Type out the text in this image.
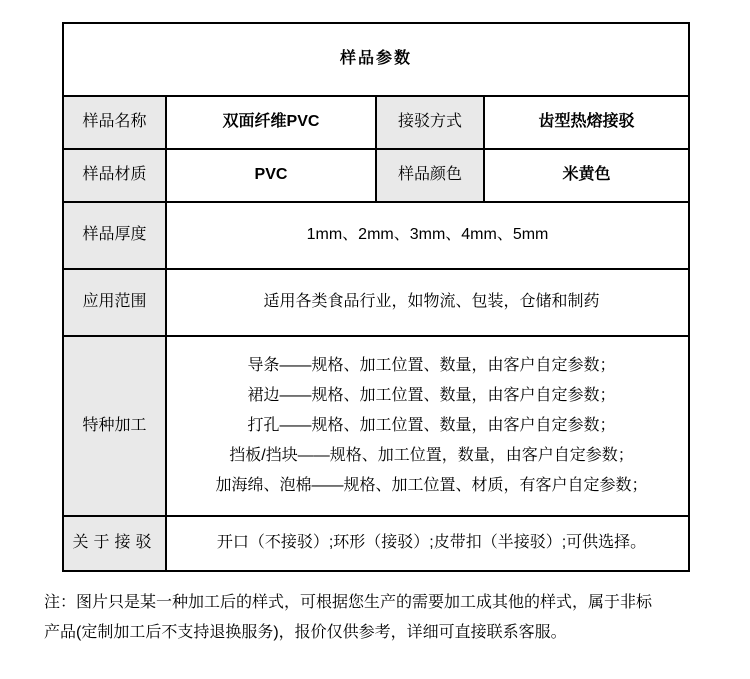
样品参数			
样品名称	双面纤维PVC	接驳方式	齿型热熔接驳
样品材质	PVC	样品颜色	米黄色
样品厚度	1mm、2mm、3mm、4mm、5mm		
应用范围	适用各类食品行业，如物流、包装，仓储和制药		
特种加工	导条——规格、加工位置、数量，由客户自定参数；
裙边——规格、加工位置、数量，由客户自定参数；
打孔——规格、加工位置、数量，由客户自定参数；
挡板/挡块——规格、加工位置，数量，由客户自定参数；
加海绵、泡棉——规格、加工位置、材质，有客户自定参数；		

关于接驳	开口（不接驳）;环形（接驳）;皮带扣（半接驳）;可供选择。		
注：图片只是某一种加工后的样式，可根据您生产的需要加工成其他的样式，属于非标
产品(定制加工后不支持退换服务)，报价仅供参考，详细可直接联系客服。
